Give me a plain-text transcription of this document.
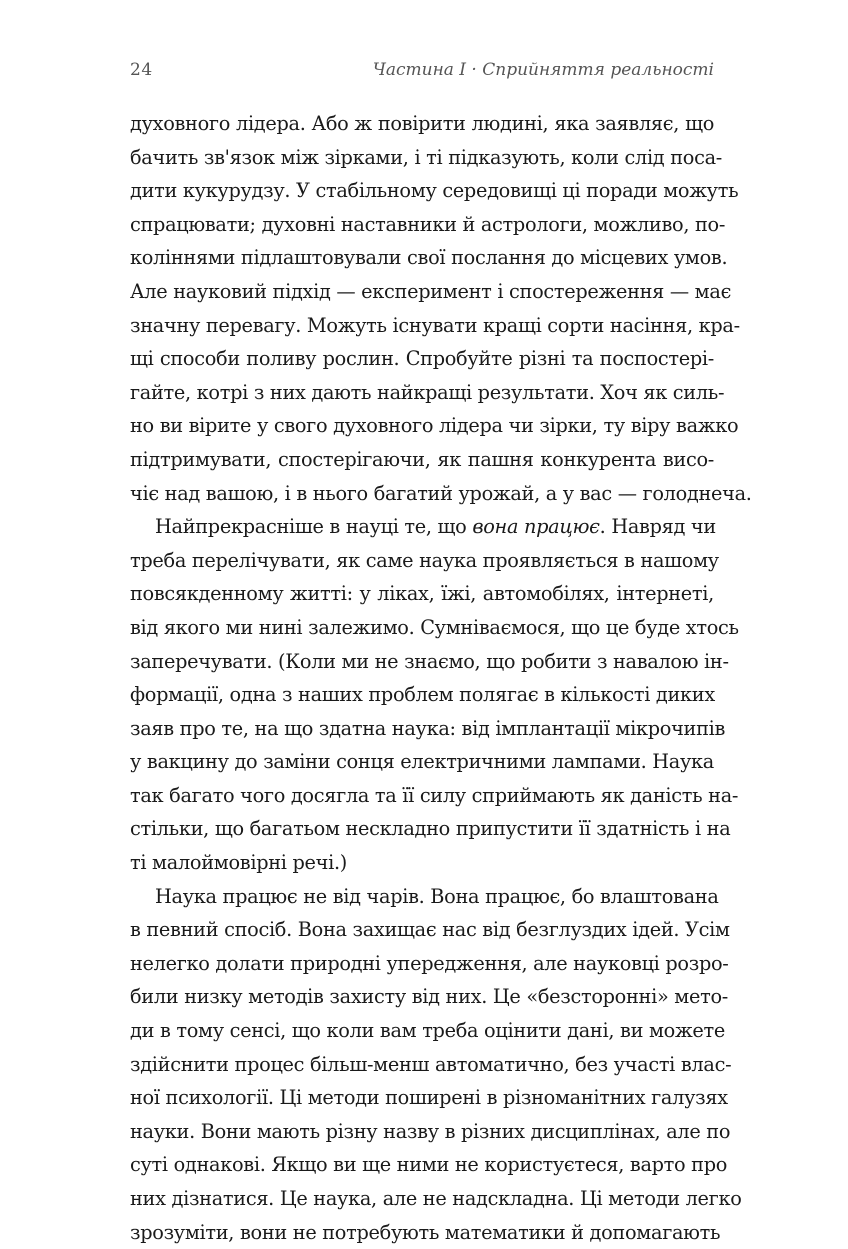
24	Частина I · Сприйняття реальності
духовного лідера. Або ж повірити людині, яка заявляє, що
бачить зв'язок між зірками, і ті підказують, коли слід поса-
дити кукурудзу. У стабільному середовищі ці поради можуть
спрацювати; духовні наставники й астрологи, можливо, по-
коліннями підлаштовували свої послання до місцевих умов.
Але науковий підхід — експеримент і спостереження — має
значну перевагу. Можуть існувати кращі сорти насіння, кра-
щі способи поливу рослин. Спробуйте різні та поспостері-
гайте, котрі з них дають найкращі результати. Хоч як силь-
но ви вірите у свого духовного лідера чи зірки, ту віру важко
підтримувати, спостерігаючи, як пашня конкурента висо-
чіє над вашою, і в нього багатий урожай, а у вас — голоднеча.
Найпрекрасніше в науці те, що вона працює. Навряд чи
треба перелічувати, як саме наука проявляється в нашому
повсякденному житті: у ліках, їжі, автомобілях, інтернеті,
від якого ми нині залежимо. Сумніваємося, що це буде хтось
заперечувати. (Коли ми не знаємо, що робити з навалою ін-
формації, одна з наших проблем полягає в кількості диких
заяв про те, на що здатна наука: від імплантації мікрочипів
у вакцину до заміни сонця електричними лампами. Наука
так багато чого досягла та її силу сприймають як даність на-
стільки, що багатьом нескладно припустити її здатність і на
ті малоймовірні речі.)
Наука працює не від чарів. Вона працює, бо влаштована
в певний спосіб. Вона захищає нас від безглуздих ідей. Усім
нелегко долати природні упередження, але науковці розро-
били низку методів захисту від них. Це «безсторонні» мето-
ди в тому сенсі, що коли вам треба оцінити дані, ви можете
здійснити процес більш-менш автоматично, без участі влас-
ної психології. Ці методи поширені в різноманітних галузях
науки. Вони мають різну назву в різних дисциплінах, але по
суті однакові. Якщо ви ще ними не користуєтеся, варто про
них дізнатися. Це наука, але не надскладна. Ці методи легко
зрозуміти, вони не потребують математики й допомагають
